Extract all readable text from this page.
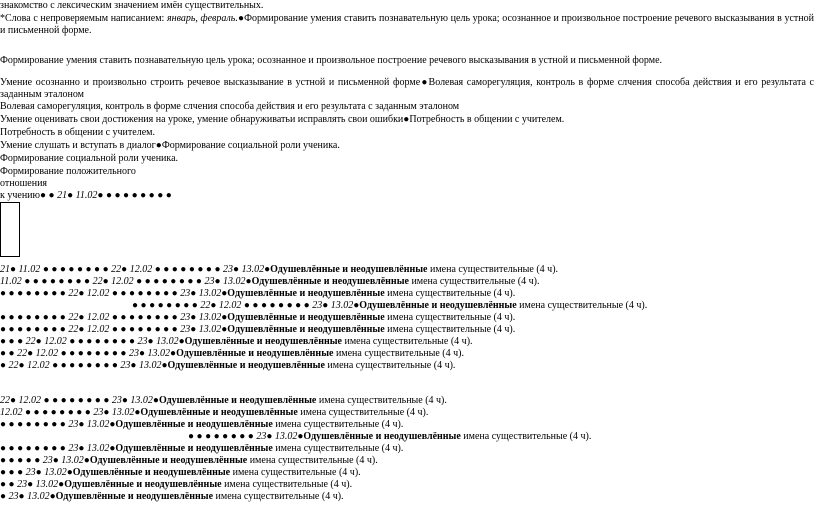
знакомство с лексическим значением имён существительных.
*Слова с непроверяемым написанием: январь, февраль.●Формирование умения ставить познавательную цель урока; осознанное и произвольное построение речевого высказывания в устной и письменной форме.
Формирование умения ставить познавательную цель урока; осознанное и произвольное построение речевого высказывания в устной и письменной форме.
Умение осознанно и произвольно строить речевое высказывание в устной и письменной форме●Волевая саморегуляция, контроль в форме слчения способа действия и его результата с заданным эталоном
Волевая саморегуляция, контроль в форме слчения способа действия и его результата с заданным эталоном
Умение оценивать свои достижения на уроке, умение обнаруживатьи исправлять свои ошибки●Потребность в общении с учителем.
Потребность в общении с учителем.
Умение слушать и вступать в диалог●Формирование социальной роли ученика.
Формирование социальной роли ученика.
Формирование положительного
отношения
к учению● ● 21● 11.02● ● ● ● ● ● ● ● ●
21● 11.02 ● ● ● ● ● ● ● ● 22● 12.02 ● ● ● ● ● ● ● ● 23● 13.02●Одушевлённые и неодушевлённые имена существительные (4 ч).
11.02 ● ● ● ● ● ● ● ● 22● 12.02 ● ● ● ● ● ● ● ● 23● 13.02●Одушевлённые и неодушевлённые имена существительные (4 ч).
● ● ● ● ● ● ● ● 22● 12.02 ● ● ● ● ● ● ● ● 23● 13.02●Одушевлённые и неодушевлённые имена существительные (4 ч).
● ● ● ● ● ● ● ● 22● 12.02 ● ● ● ● ● ● ● ● 23● 13.02●Одушевлённые и неодушевлённые имена существительные (4 ч).
● ● ● ● ● ● ● ● 22● 12.02 ● ● ● ● ● ● ● ● 23● 13.02●Одушевлённые и неодушевлённые имена существительные (4 ч).
● ● ● ● ● ● ● ● 22● 12.02 ● ● ● ● ● ● ● ● 23● 13.02●Одушевлённые и неодушевлённые имена существительные (4 ч).
● ● ● 22● 12.02 ● ● ● ● ● ● ● ● 23● 13.02●Одушевлённые и неодушевлённые имена существительные (4 ч).
● ● 22● 12.02 ● ● ● ● ● ● ● ● 23● 13.02●Одушевлённые и неодушевлённые имена существительные (4 ч).
● 22● 12.02 ● ● ● ● ● ● ● ● 23● 13.02●Одушевлённые и неодушевлённые имена существительные (4 ч).
22● 12.02 ● ● ● ● ● ● ● ● 23● 13.02●Одушевлённые и неодушевлённые имена существительные (4 ч).
12.02 ● ● ● ● ● ● ● ● 23● 13.02●Одушевлённые и неодушевлённые имена существительные (4 ч).
● ● ● ● ● ● ● ● 23● 13.02●Одушевлённые и неодушевлённые имена существительные (4 ч).
● ● ● ● ● ● ● ● 23● 13.02●Одушевлённые и неодушевлённые имена существительные (4 ч).
● ● ● ● ● ● ● ● 23● 13.02●Одушевлённые и неодушевлённые имена существительные (4 ч).
● ● ● ● ● 23● 13.02●Одушевлённые и неодушевлённые имена существительные (4 ч).
● ● ● 23● 13.02●Одушевлённые и неодушевлённые имена существительные (4 ч).
● ● 23● 13.02●Одушевлённые и неодушевлённые имена существительные (4 ч).
● 23● 13.02●Одушевлённые и неодушевлённые имена существительные (4 ч).
